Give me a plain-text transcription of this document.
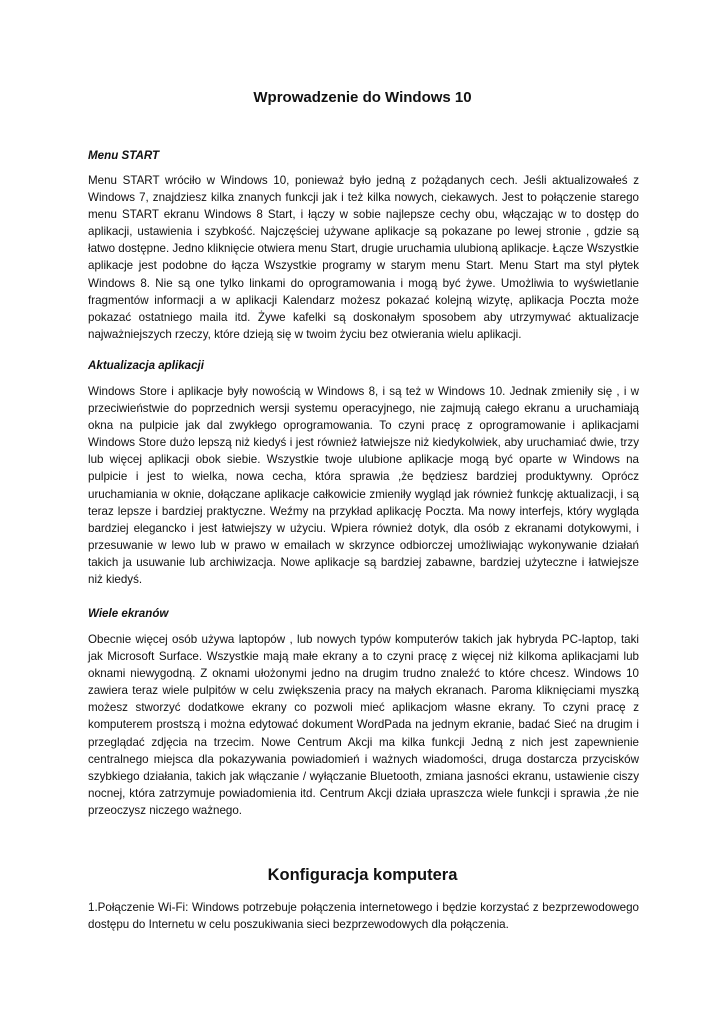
Wprowadzenie do Windows 10

Menu START

Menu START wróciło w Windows 10, ponieważ było jedną z pożądanych cech. Jeśli aktualizowałeś z Windows 7, znajdziesz kilka znanych funkcji jak i też kilka nowych, ciekawych. Jest to połączenie starego menu START ekranu Windows 8 Start, i łączy w sobie najlepsze cechy obu, włączając w to dostęp do aplikacji, ustawienia i szybkość. Najczęściej używane aplikacje są pokazane po lewej stronie , gdzie są łatwo dostępne. Jedno kliknięcie otwiera menu Start, drugie uruchamia ulubioną aplikacje. Łącze Wszystkie aplikacje jest podobne do łącza Wszystkie programy w starym menu Start. Menu Start ma styl płytek Windows 8. Nie są one tylko linkami do oprogramowania i mogą być żywe. Umożliwia to wyświetlanie fragmentów informacji a w aplikacji Kalendarz możesz pokazać kolejną wizytę, aplikacja Poczta może pokazać ostatniego maila itd. Żywe kafelki są doskonałym sposobem aby utrzymywać aktualizacje najważniejszych rzeczy, które dzieją się w twoim życiu bez otwierania wielu aplikacji.

Aktualizacja aplikacji

Windows Store i aplikacje były nowością w Windows 8, i są też w Windows 10. Jednak zmieniły się , i w przeciwieństwie do poprzednich wersji systemu operacyjnego, nie zajmują całego ekranu a uruchamiają okna na pulpicie jak dal zwykłego oprogramowania. To czyni pracę z oprogramowanie i aplikacjami Windows Store dużo lepszą niż kiedyś i jest również łatwiejsze niż kiedykolwiek, aby uruchamiać dwie, trzy lub więcej aplikacji obok siebie. Wszystkie twoje ulubione aplikacje mogą być oparte w Windows na pulpicie i jest to wielka, nowa cecha, która sprawia ,że będziesz bardziej produktywny. Oprócz uruchamiania w oknie, dołączane aplikacje całkowicie zmieniły wygląd jak również funkcję aktualizacji, i są teraz lepsze i bardziej praktyczne. Weźmy na przykład aplikację Poczta. Ma nowy interfejs, który wygląda bardziej elegancko i jest łatwiejszy w użyciu. Wpiera również dotyk, dla osób z ekranami dotykowymi, i przesuwanie w lewo lub w prawo w emailach w skrzynce odbiorczej umożliwiając wykonywanie działań takich ja usuwanie lub archiwizacja. Nowe aplikacje są bardziej zabawne, bardziej użyteczne i łatwiejsze niż kiedyś.

Wiele ekranów

Obecnie więcej osób używa laptopów , lub nowych typów komputerów takich jak hybryda PC-laptop, taki jak Microsoft Surface. Wszystkie mają małe ekrany a to czyni pracę z więcej niż kilkoma aplikacjami lub oknami niewygodną. Z oknami ułożonymi jedno na drugim trudno znaleźć to które chcesz. Windows 10 zawiera teraz wiele pulpitów w celu zwiększenia pracy na małych ekranach. Paroma kliknięciami myszką możesz stworzyć dodatkowe ekrany co pozwoli mieć aplikacjom własne ekrany. To czyni pracę z komputerem prostszą i można edytować dokument WordPada na jednym ekranie, badać Sieć na drugim i przeglądać zdjęcia na trzecim. Nowe Centrum Akcji ma kilka funkcji Jedną z nich jest zapewnienie centralnego miejsca dla pokazywania powiadomień i ważnych wiadomości, druga dostarcza przycisków szybkiego działania, takich jak włączanie / wyłączanie Bluetooth, zmiana jasności ekranu, ustawienie ciszy nocnej, która zatrzymuje powiadomienia itd. Centrum Akcji działa upraszcza wiele funkcji i sprawia ,że nie przeoczysz niczego ważnego.

Konfiguracja komputera

1.Połączenie Wi-Fi: Windows potrzebuje połączenia internetowego i będzie korzystać z bezprzewodowego dostępu do Internetu w celu poszukiwania sieci bezprzewodowych dla połączenia.
